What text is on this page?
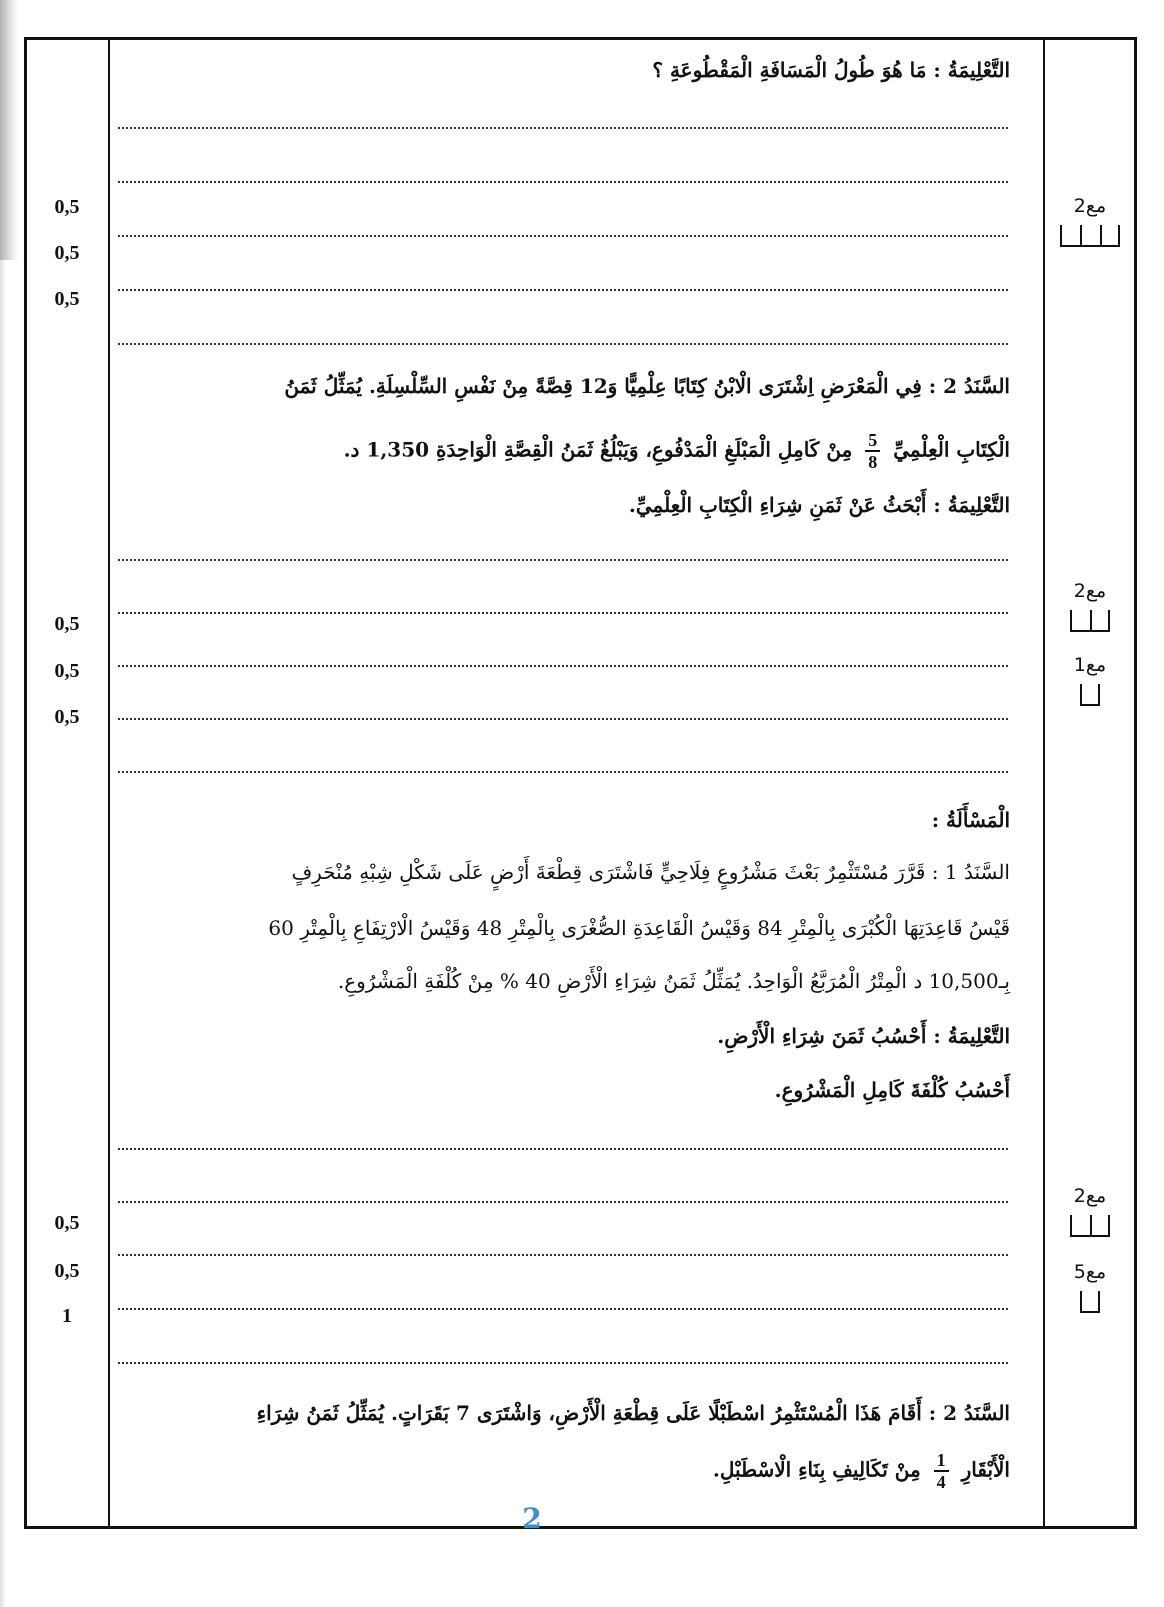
التَّعْلِيمَةُ : مَا هُوَ طُولُ الْمَسَافَةِ الْمَقْطُوعَةِ ؟
0,5
0,5
0,5
مع2
السَّنَدُ 2 : فِي الْمَعْرَضِ اِشْتَرَى الْابْنُ كِتَابًا عِلْمِيًّا وَ12 قِصَّةً مِنْ نَفْسِ السِّلْسِلَةِ. يُمَثِّلُ ثَمَنُ
الْكِتَابِ الْعِلْمِيِّ
$\frac{5}{8}$
مِنْ كَامِلِ الْمَبْلَغِ الْمَدْفُوعِ، وَيَبْلُغُ ثَمَنُ الْقِصَّةِ الْوَاحِدَةِ 1,350 د.
التَّعْلِيمَةُ : أَبْحَثُ عَنْ ثَمَنِ شِرَاءِ الْكِتَابِ الْعِلْمِيِّ.
0,5
0,5
0,5
مع2
مع1
الْمَسْأَلَةُ :
السَّنَدُ 1 : قَرَّرَ مُسْتَثْمِرٌ بَعْثَ مَشْرُوعٍ فِلَاحِيٍّ فَاشْتَرَى قِطْعَةَ أَرْضٍ عَلَى شَكْلِ شِبْهِ مُنْحَرِفٍ
قَيْسُ قَاعِدَتِهَا الْكُبْرَى بِالْمِتْرِ 84 وَقَيْسُ الْقَاعِدَةِ الصُّغْرَى بِالْمِتْرِ 48 وَقَيْسُ الْارْتِفَاعِ بِالْمِتْرِ 60
بِـ10,500 د الْمِتْرُ الْمُرَبَّعُ الْوَاحِدُ. يُمَثِّلُ ثَمَنُ شِرَاءِ الْأَرْضِ 40 % مِنْ كُلْفَةِ الْمَشْرُوعِ.
التَّعْلِيمَةُ : أَحْسُبُ ثَمَنَ شِرَاءِ الْأَرْضِ.
أَحْسُبُ كُلْفَةَ كَامِلِ الْمَشْرُوعِ.
0,5
0,5
1
مع2
مع5
السَّنَدُ 2 : أَقَامَ هَذَا الْمُسْتَثْمِرُ اسْطَبْلًا عَلَى قِطْعَةِ الْأَرْضِ، وَاشْتَرَى 7 بَقَرَاتٍ. يُمَثِّلُ ثَمَنُ شِرَاءِ
الْأَبْقَارِ
$\frac{1}{4}$
مِنْ تَكَالِيفِ بِنَاءِ الْاسْطَبْلِ.
2
